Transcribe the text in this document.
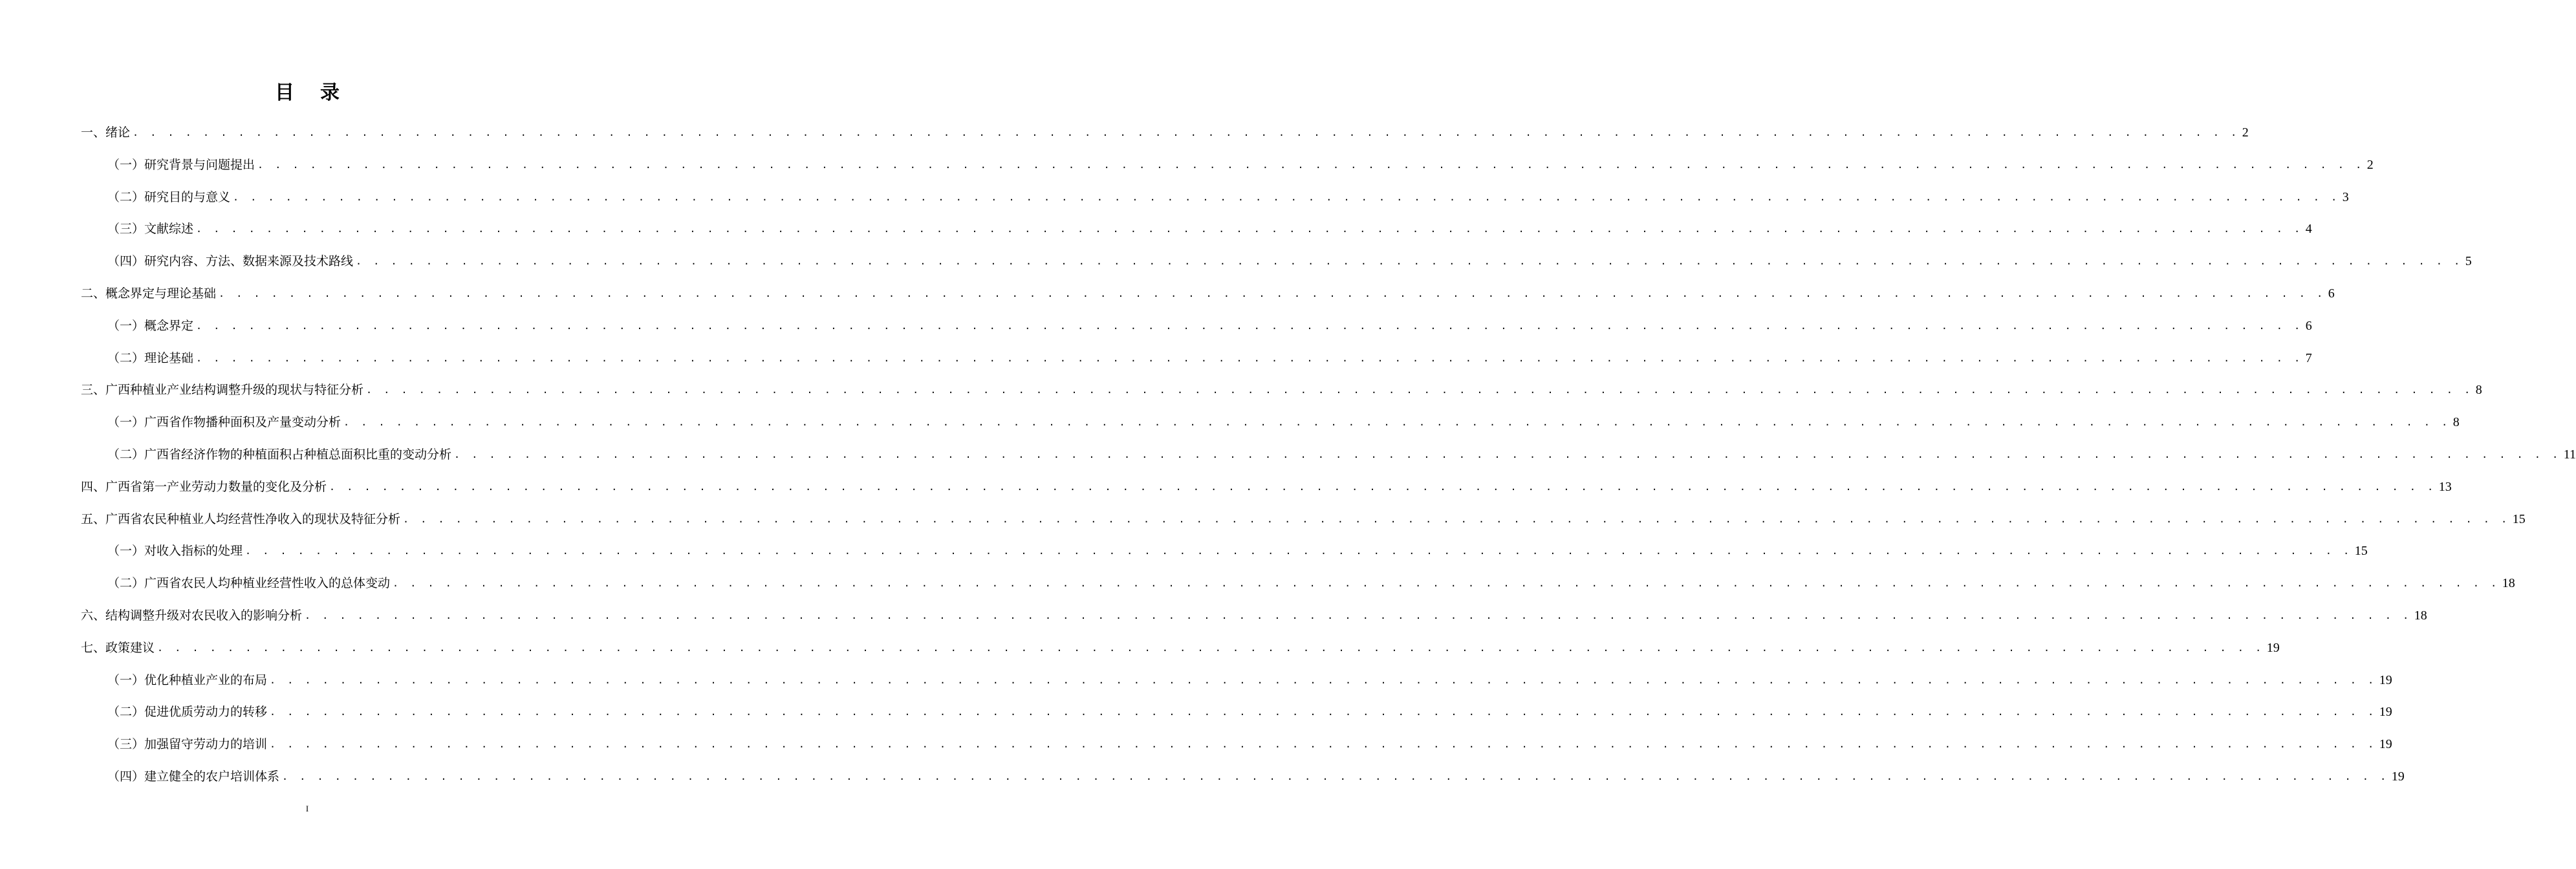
目录
一、绪论 . . . . . . . . . . . . . . . . . . . . . . . . . . . . . . . . . . . . . . . . . . . . . . . . . . . . . . . . . . . . . . . . . . . . . . . . . . . . . . . . . . . . . . . . . . . . . . . . . . . . . . . . . . . . . . . . . . . . . . . . 2
（一）研究背景与问题提出 . . . . . . . . . . . . . . . . . . . . . . . . . . . . . . . . . . . . . . . . . . . . . . . . . . . . . . . . . . . . . . . . . . . . . . . . . . . . . . . . . . . . . . . . . . . . . . . . . . . . . . . . . . . . . . . . . . . . . . . . 2
（二）研究目的与意义 . . . . . . . . . . . . . . . . . . . . . . . . . . . . . . . . . . . . . . . . . . . . . . . . . . . . . . . . . . . . . . . . . . . . . . . . . . . . . . . . . . . . . . . . . . . . . . . . . . . . . . . . . . . . . . . . . . . . . . . . 3
（三）文献综述 . . . . . . . . . . . . . . . . . . . . . . . . . . . . . . . . . . . . . . . . . . . . . . . . . . . . . . . . . . . . . . . . . . . . . . . . . . . . . . . . . . . . . . . . . . . . . . . . . . . . . . . . . . . . . . . . . . . . . . . . 4
（四）研究内容、方法、数据来源及技术路线 . . . . . . . . . . . . . . . . . . . . . . . . . . . . . . . . . . . . . . . . . . . . . . . . . . . . . . . . . . . . . . . . . . . . . . . . . . . . . . . . . . . . . . . . . . . . . . . . . . . . . . . . . . . . . . . . . . . . . . . . 5
二、概念界定与理论基础 . . . . . . . . . . . . . . . . . . . . . . . . . . . . . . . . . . . . . . . . . . . . . . . . . . . . . . . . . . . . . . . . . . . . . . . . . . . . . . . . . . . . . . . . . . . . . . . . . . . . . . . . . . . . . . . . . . . . . . . . 6
（一）概念界定 . . . . . . . . . . . . . . . . . . . . . . . . . . . . . . . . . . . . . . . . . . . . . . . . . . . . . . . . . . . . . . . . . . . . . . . . . . . . . . . . . . . . . . . . . . . . . . . . . . . . . . . . . . . . . . . . . . . . . . . . 6
（二）理论基础 . . . . . . . . . . . . . . . . . . . . . . . . . . . . . . . . . . . . . . . . . . . . . . . . . . . . . . . . . . . . . . . . . . . . . . . . . . . . . . . . . . . . . . . . . . . . . . . . . . . . . . . . . . . . . . . . . . . . . . . . 7
三、广西种植业产业结构调整升级的现状与特征分析 . . . . . . . . . . . . . . . . . . . . . . . . . . . . . . . . . . . . . . . . . . . . . . . . . . . . . . . . . . . . . . . . . . . . . . . . . . . . . . . . . . . . . . . . . . . . . . . . . . . . . . . . . . . . . . . . . . . . . . . . 8
（一）广西省作物播种面积及产量变动分析 . . . . . . . . . . . . . . . . . . . . . . . . . . . . . . . . . . . . . . . . . . . . . . . . . . . . . . . . . . . . . . . . . . . . . . . . . . . . . . . . . . . . . . . . . . . . . . . . . . . . . . . . . . . . . . . . . . . . . . . . 8
（二）广西省经济作物的种植面积占种植总面积比重的变动分析 . . . . . . . . . . . . . . . . . . . . . . . . . . . . . . . . . . . . . . . . . . . . . . . . . . . . . . . . . . . . . . . . . . . . . . . . . . . . . . . . . . . . . . . . . . . . . . . . . . . . . . . . . . . . . . . . . . . . . . . . 11
四、广西省第一产业劳动力数量的变化及分析 . . . . . . . . . . . . . . . . . . . . . . . . . . . . . . . . . . . . . . . . . . . . . . . . . . . . . . . . . . . . . . . . . . . . . . . . . . . . . . . . . . . . . . . . . . . . . . . . . . . . . . . . . . . . . . . . . . . . . . . . 13
五、广西省农民种植业人均经营性净收入的现状及特征分析 . . . . . . . . . . . . . . . . . . . . . . . . . . . . . . . . . . . . . . . . . . . . . . . . . . . . . . . . . . . . . . . . . . . . . . . . . . . . . . . . . . . . . . . . . . . . . . . . . . . . . . . . . . . . . . . . . . . . . . . . 15
（一）对收入指标的处理 . . . . . . . . . . . . . . . . . . . . . . . . . . . . . . . . . . . . . . . . . . . . . . . . . . . . . . . . . . . . . . . . . . . . . . . . . . . . . . . . . . . . . . . . . . . . . . . . . . . . . . . . . . . . . . . . . . . . . . . . 15
（二）广西省农民人均种植业经营性收入的总体变动 . . . . . . . . . . . . . . . . . . . . . . . . . . . . . . . . . . . . . . . . . . . . . . . . . . . . . . . . . . . . . . . . . . . . . . . . . . . . . . . . . . . . . . . . . . . . . . . . . . . . . . . . . . . . . . . . . . . . . . . . 18
六、结构调整升级对农民收入的影响分析 . . . . . . . . . . . . . . . . . . . . . . . . . . . . . . . . . . . . . . . . . . . . . . . . . . . . . . . . . . . . . . . . . . . . . . . . . . . . . . . . . . . . . . . . . . . . . . . . . . . . . . . . . . . . . . . . . . . . . . . . 18
七、政策建议 . . . . . . . . . . . . . . . . . . . . . . . . . . . . . . . . . . . . . . . . . . . . . . . . . . . . . . . . . . . . . . . . . . . . . . . . . . . . . . . . . . . . . . . . . . . . . . . . . . . . . . . . . . . . . . . . . . . . . . . . 19
（一）优化种植业产业的布局 . . . . . . . . . . . . . . . . . . . . . . . . . . . . . . . . . . . . . . . . . . . . . . . . . . . . . . . . . . . . . . . . . . . . . . . . . . . . . . . . . . . . . . . . . . . . . . . . . . . . . . . . . . . . . . . . . . . . . . . . 19
（二）促进优质劳动力的转移 . . . . . . . . . . . . . . . . . . . . . . . . . . . . . . . . . . . . . . . . . . . . . . . . . . . . . . . . . . . . . . . . . . . . . . . . . . . . . . . . . . . . . . . . . . . . . . . . . . . . . . . . . . . . . . . . . . . . . . . . 19
（三）加强留守劳动力的培训 . . . . . . . . . . . . . . . . . . . . . . . . . . . . . . . . . . . . . . . . . . . . . . . . . . . . . . . . . . . . . . . . . . . . . . . . . . . . . . . . . . . . . . . . . . . . . . . . . . . . . . . . . . . . . . . . . . . . . . . . 19
（四）建立健全的农户培训体系 . . . . . . . . . . . . . . . . . . . . . . . . . . . . . . . . . . . . . . . . . . . . . . . . . . . . . . . . . . . . . . . . . . . . . . . . . . . . . . . . . . . . . . . . . . . . . . . . . . . . . . . . . . . . . . . . . . . . . . . . 19
I
